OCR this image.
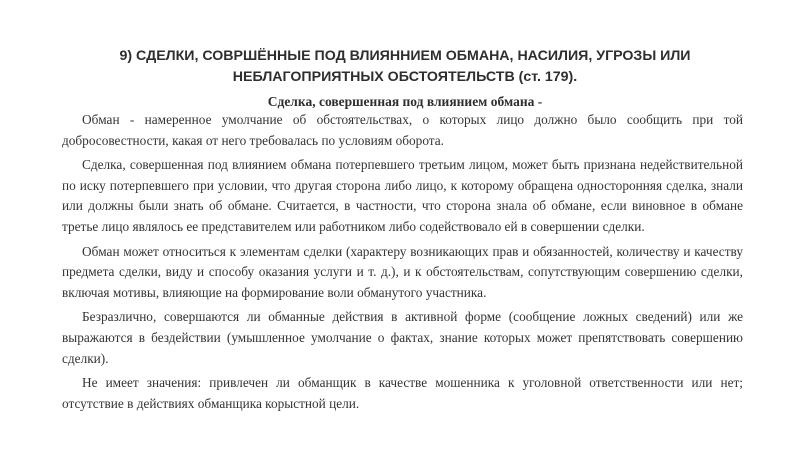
9) СДЕЛКИ, СОВРШЁННЫЕ ПОД ВЛИЯННИЕМ ОБМАНА, НАСИЛИЯ, УГРОЗЫ ИЛИ НЕБЛАГОПРИЯТНЫХ ОБСТОЯТЕЛЬСТВ (ст. 179).
Сделка, совершенная под влиянием обмана -

Обман - намеренное умолчание об обстоятельствах, о которых лицо должно было сообщить при той добросовестности, какая от него требовалась по условиям оборота.

Сделка, совершенная под влиянием обмана потерпевшего третьим лицом, может быть признана недействительной по иску потерпевшего при условии, что другая сторона либо лицо, к которому обращена односторонняя сделка, знали или должны были знать об обмане. Считается, в частности, что сторона знала об обмане, если виновное в обмане третье лицо являлось ее представителем или работником либо содействовало ей в совершении сделки.

Обман может относиться к элементам сделки (характеру возникающих прав и обязанностей, количеству и качеству предмета сделки, виду и способу оказания услуги и т. д.), и к обстоятельствам, сопутствующим совершению сделки, включая мотивы, влияющие на формирование воли обманутого участника.

Безразлично, совершаются ли обманные действия в активной форме (сообщение ложных сведений) или же выражаются в бездействии (умышленное умолчание о фактах, знание которых может препятствовать совершению сделки).

Не имеет значения: привлечен ли обманщик в качестве мошенника к уголовной ответственности или нет; отсутствие в действиях обманщика корыстной цели.
